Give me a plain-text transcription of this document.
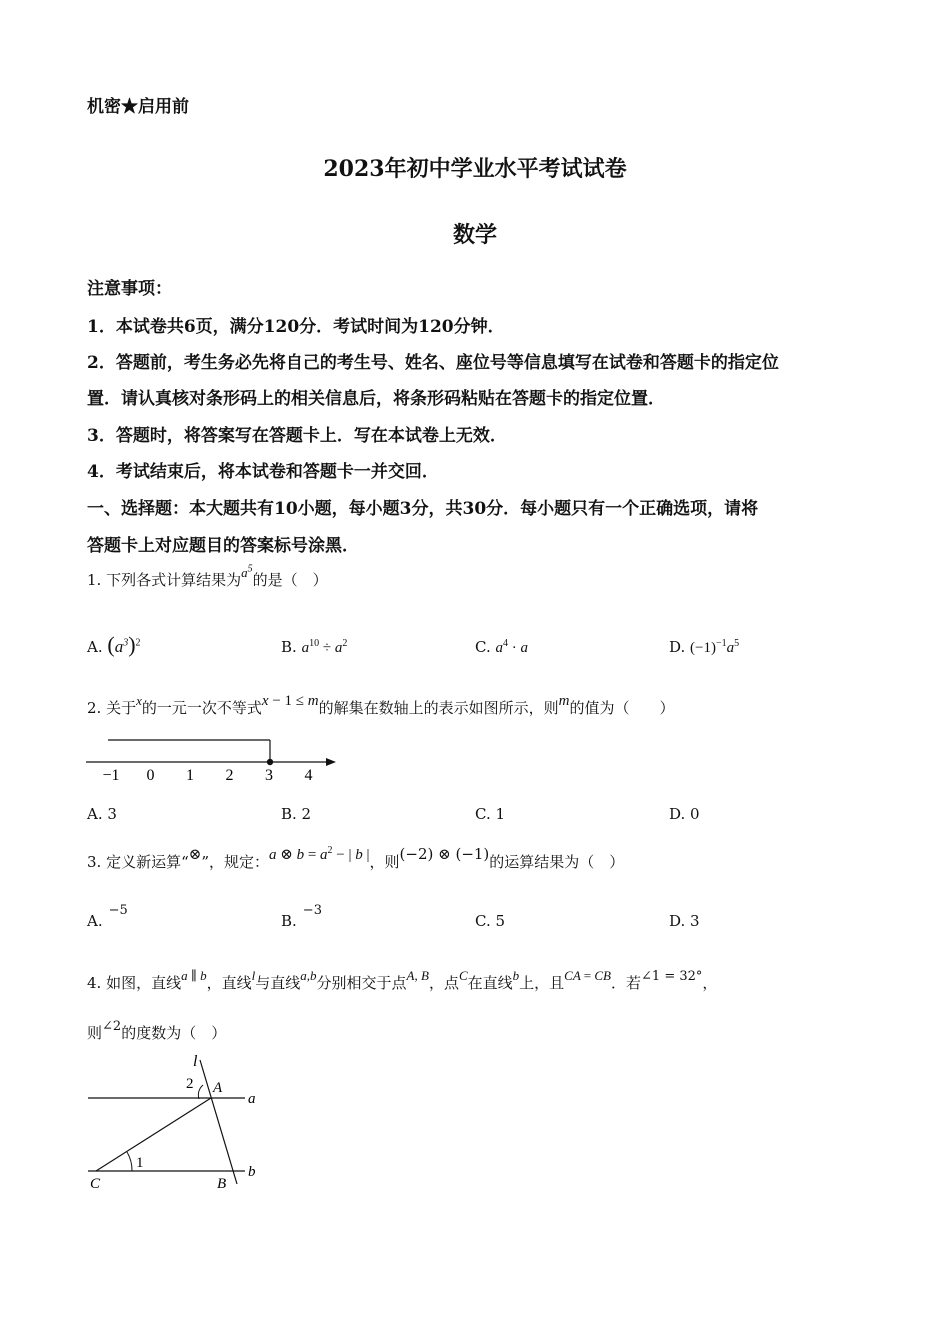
机密★启用前
2023年初中学业水平考试试卷
数学
注意事项：
1．本试卷共6页，满分120分．考试时间为120分钟．
2．答题前，考生务必先将自己的考生号、姓名、座位号等信息填写在试卷和答题卡的指定位
置．请认真核对条形码上的相关信息后，将条形码粘贴在答题卡的指定位置．
3．答题时，将答案写在答题卡上．写在本试卷上无效．
4．考试结束后，将本试卷和答题卡一并交回．
一、选择题：本大题共有10小题，每小题3分，共30分．每小题只有一个正确选项，请将
答题卡上对应题目的答案标号涂黑．
1. 下列各式计算结果为$a^5$的是（　）
A. $(a^3)^2$	B. $a^{10} \div a^2$	C. $a^4 \cdot a$	D. $(-1)^{-1}a^5$
2. 关于x的一元一次不等式x − 1 ≤ m的解集在数轴上的表示如图所示，则m的值为（　　）
−1 0 1 2 3 4
A. 3	B. 2	C. 1	D. 0
3. 定义新运算“⊗”，规定：a ⊗ $b = a^2$ − | b |，则(−2) ⊗ (−1)的运算结果为（　）
A.−5
B.−3
C. 5	D. 3
4. 如图，直线a ∥ b，直线l与直线a,b分别相交于点A, B，点C在直线b上，且CA = CB．若∠1 = 32°，
则∠2的度数为（　）
l
2 A
a
1
C	B
b
